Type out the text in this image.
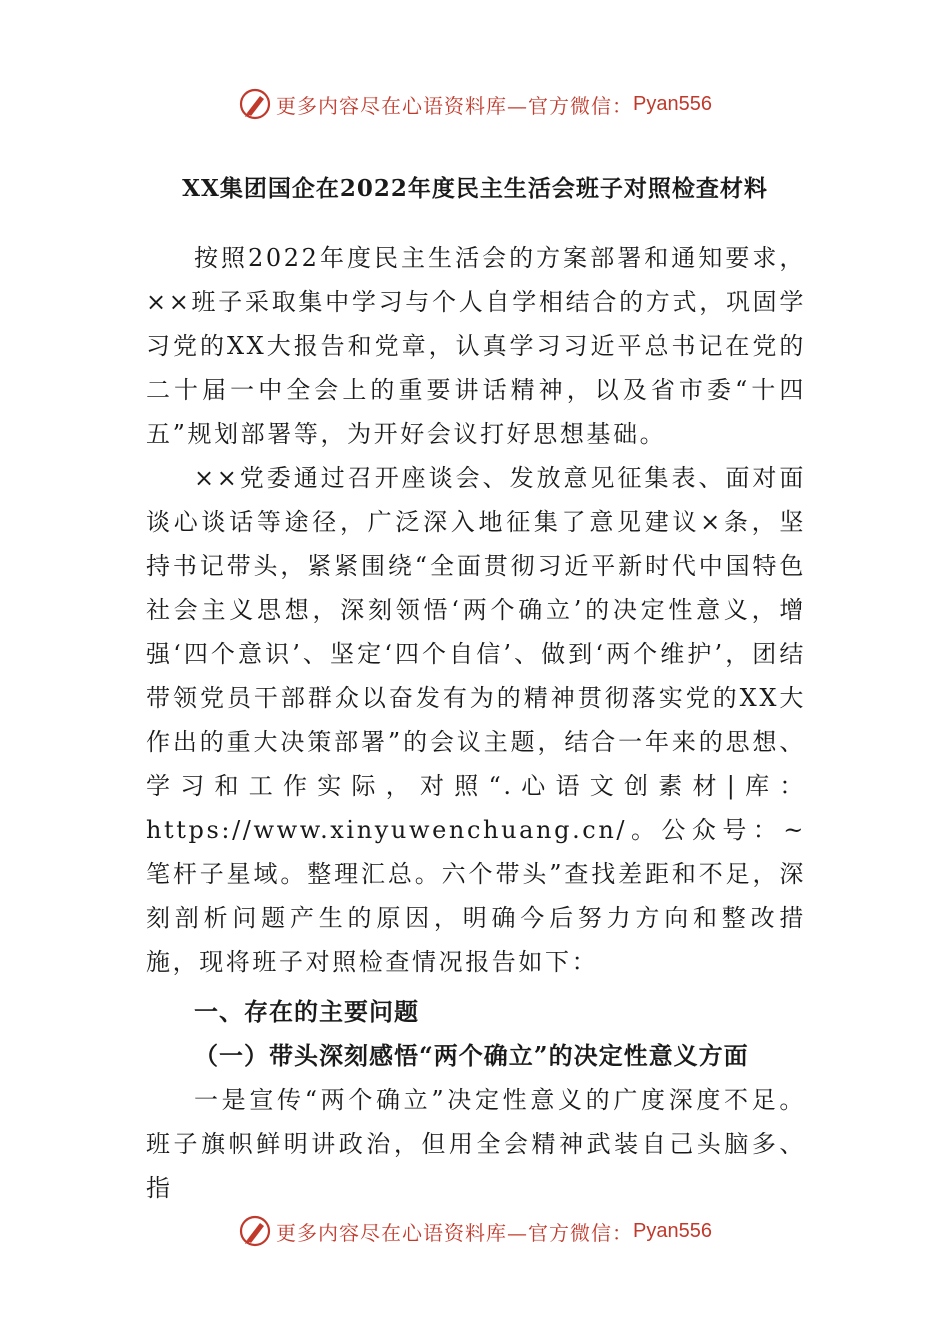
更多内容尽在心语资料库—官方微信： Pyan556
XX集团国企在2022年度民主生活会班子对照检查材料

按照2022年度民主生活会的方案部署和通知要求，××班子采取集中学习与个人自学相结合的方式，巩固学习党的XX大报告和党章，认真学习习近平总书记在党的二十届一中全会上的重要讲话精神，以及省市委“十四五”规划部署等，为开好会议打好思想基础。

××党委通过召开座谈会、发放意见征集表、面对面谈心谈话等途径，广泛深入地征集了意见建议×条，坚持书记带头，紧紧围绕“全面贯彻习近平新时代中国特色社会主义思想，深刻领悟‘两个确立’的决定性意义，增强‘四个意识’、坚定‘四个自信’、做到‘两个维护’，团结带领党员干部群众以奋发有为的精神贯彻落实党的XX大作出的重大决策部署”的会议主题，结合一年来的思想、学习和工作实际，对照“.心语文创素材|库：https://www.xinyuwenchuang.cn/。公众号：~笔杆子星域。整理汇总。六个带头”查找差距和不足，深刻剖析问题产生的原因，明确今后努力方向和整改措施，现将班子对照检查情况报告如下：

一、存在的主要问题

（一）带头深刻感悟“两个确立”的决定性意义方面

一是宣传“两个确立”决定性意义的广度深度不足。班子旗帜鲜明讲政治，但用全会精神武装自己头脑多、指

更多内容尽在心语资料库—官方微信： Pyan556
